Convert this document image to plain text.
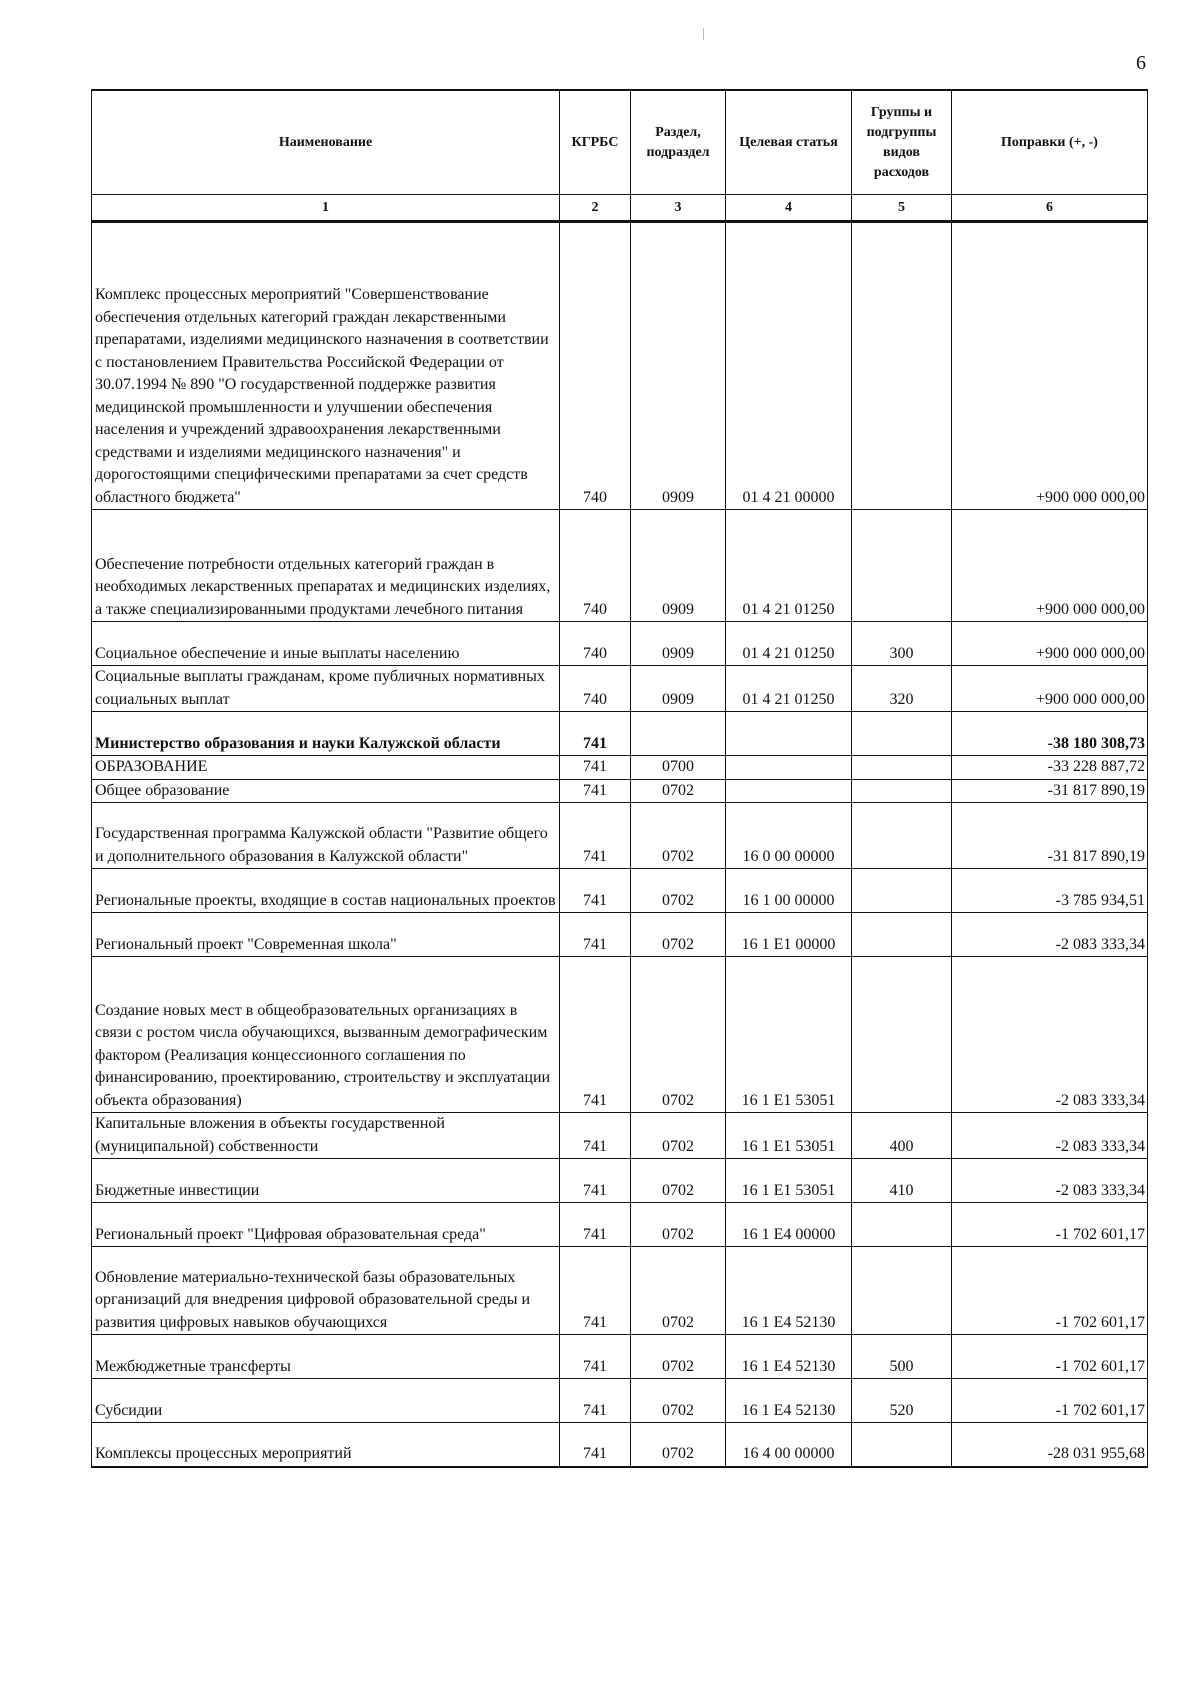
6
Наименование	КГРБС	Раздел, подраздел	Целевая статья	Группы и подгруппы видов расходов	Поправки (+, -)
1	2	3	4	5	6
Комплекс процессных мероприятий "Совершенствование обеспечения отдельных категорий граждан лекарственными препаратами, изделиями медицинского назначения в соответствии с постановлением Правительства Российской Федерации от 30.07.1994 № 890 "О государственной поддержке развития медицинской промышленности и улучшении обеспечения населения и учреждений здравоохранения лекарственными средствами и изделиями медицинского назначения" и дорогостоящими специфическими препаратами за счет средств областного бюджета"	740	0909	01 4 21 00000		+900 000 000,00
Обеспечение потребности отдельных категорий граждан в необходимых лекарственных препаратах и медицинских изделиях, а также специализированными продуктами лечебного питания	740	0909	01 4 21 01250		+900 000 000,00
Социальное обеспечение и иные выплаты населению	740	0909	01 4 21 01250	300	+900 000 000,00
Социальные выплаты гражданам, кроме публичных нормативных социальных выплат	740	0909	01 4 21 01250	320	+900 000 000,00
Министерство образования и науки Калужской области	741				-38 180 308,73
ОБРАЗОВАНИЕ	741	0700			-33 228 887,72
Общее образование	741	0702			-31 817 890,19
Государственная программа Калужской области "Развитие общего и дополнительного образования в Калужской области"	741	0702	16 0 00 00000		-31 817 890,19
Региональные проекты, входящие в состав национальных проектов	741	0702	16 1 00 00000		-3 785 934,51
Региональный проект "Современная школа"	741	0702	16 1 E1 00000		-2 083 333,34
Создание новых мест в общеобразовательных организациях в связи с ростом числа обучающихся, вызванным демографическим фактором (Реализация концессионного соглашения по финансированию, проектированию, строительству и эксплуатации объекта образования)	741	0702	16 1 E1 53051		-2 083 333,34
Капитальные вложения в объекты государственной (муниципальной) собственности	741	0702	16 1 E1 53051	400	-2 083 333,34
Бюджетные инвестиции	741	0702	16 1 E1 53051	410	-2 083 333,34
Региональный проект "Цифровая образовательная среда"	741	0702	16 1 E4 00000		-1 702 601,17
Обновление материально-технической базы образовательных организаций для внедрения цифровой образовательной среды и развития цифровых навыков обучающихся	741	0702	16 1 E4 52130		-1 702 601,17
Межбюджетные трансферты	741	0702	16 1 E4 52130	500	-1 702 601,17
Субсидии	741	0702	16 1 E4 52130	520	-1 702 601,17
Комплексы процессных мероприятий	741	0702	16 4 00 00000		-28 031 955,68
